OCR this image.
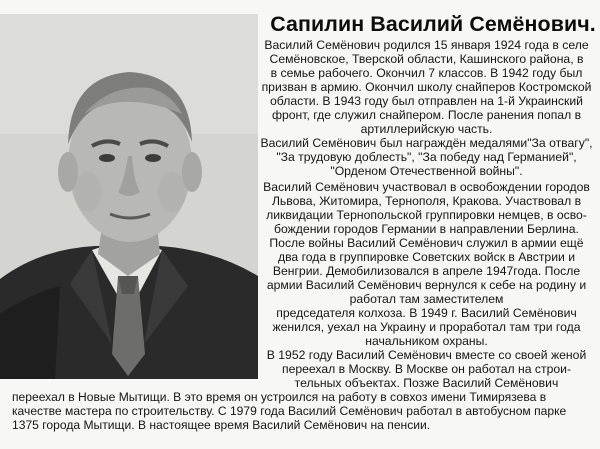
Сапилин Василий Семёнович.
Василий Семёнович родился 15 января 1924 года в селе
Семёновское, Тверской области, Кашинского района, в
в семье рабочего. Окончил 7 классов. В 1942 году был
призван в армию. Окончил школу снайперов Костромской
области. В 1943 году был отправлен на 1-й Украинский
фронт, где служил снайпером. После ранения попал в
артиллерийскую часть.
Василий Семёнович был награждён медалями"За отвагу",
"За трудовую доблесть", "За победу над Германией",
"Орденом Отечественной войны".
Василий Семёнович участвовал в освобождении городов
Львова, Житомира, Тернополя, Кракова. Участвовал в
ликвидации Тернопольской группировки немцев, в осво-
бождении городов Германии в направлении Берлина.
После войны Василий Семёнович служил в армии ещё
два года в группировке Советских войск в Австрии и
Венгрии. Демобилизовался в апреле 1947года. После
армии Василий Семёнович вернулся к себе на родину и
работал там заместителем
председателя колхоза. В 1949 г. Василий Семёнович
женился, уехал на Украину и проработал там три года
начальником охраны.
В 1952 году Василий Семёнович вместе со своей женой
переехал в Москву. В Москве он работал на строи-
тельных объектах. Позже Василий Семёнович
переехал в Новые Мытищи. В это время он устроился на работу в совхоз имени Тимирязева в
качестве мастера по строительству. С 1979 года Василий Семёнович работал в автобусном парке
1375 города Мытищи. В настоящее время Василий Семёнович на пенсии.
